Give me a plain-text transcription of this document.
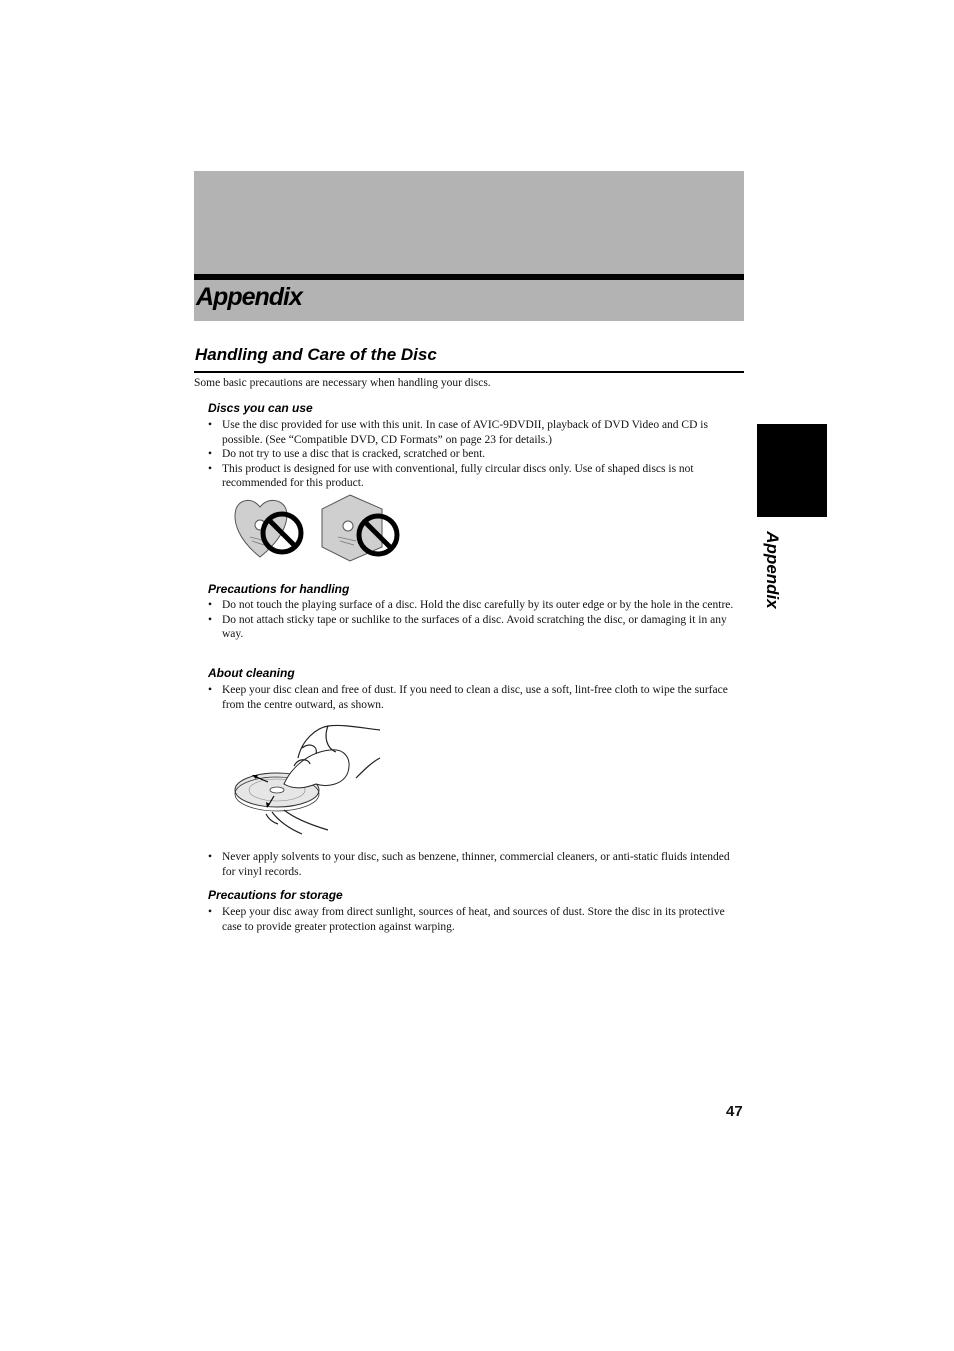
Appendix
Handling and Care of the Disc
Some basic precautions are necessary when handling your discs.
Discs you can use
• Use the disc provided for use with this unit. In case of AVIC-9DVDII, playback of DVD Video and CD is possible. (See “Compatible DVD, CD Formats” on page 23 for details.)
• Do not try to use a disc that is cracked, scratched or bent.
• This product is designed for use with conventional, fully circular discs only. Use of shaped discs is not recommended for this product.
Precautions for handling
• Do not touch the playing surface of a disc. Hold the disc carefully by its outer edge or by the hole in the centre.
• Do not attach sticky tape or suchlike to the surfaces of a disc. Avoid scratching the disc, or damaging it in any way.
About cleaning
• Keep your disc clean and free of dust. If you need to clean a disc, use a soft, lint-free cloth to wipe the surface from the centre outward, as shown.
• Never apply solvents to your disc, such as benzene, thinner, commercial cleaners, or anti-static fluids intended for vinyl records.
Precautions for storage
• Keep your disc away from direct sunlight, sources of heat, and sources of dust. Store the disc in its protective case to provide greater protection against warping.
Appendix
47
